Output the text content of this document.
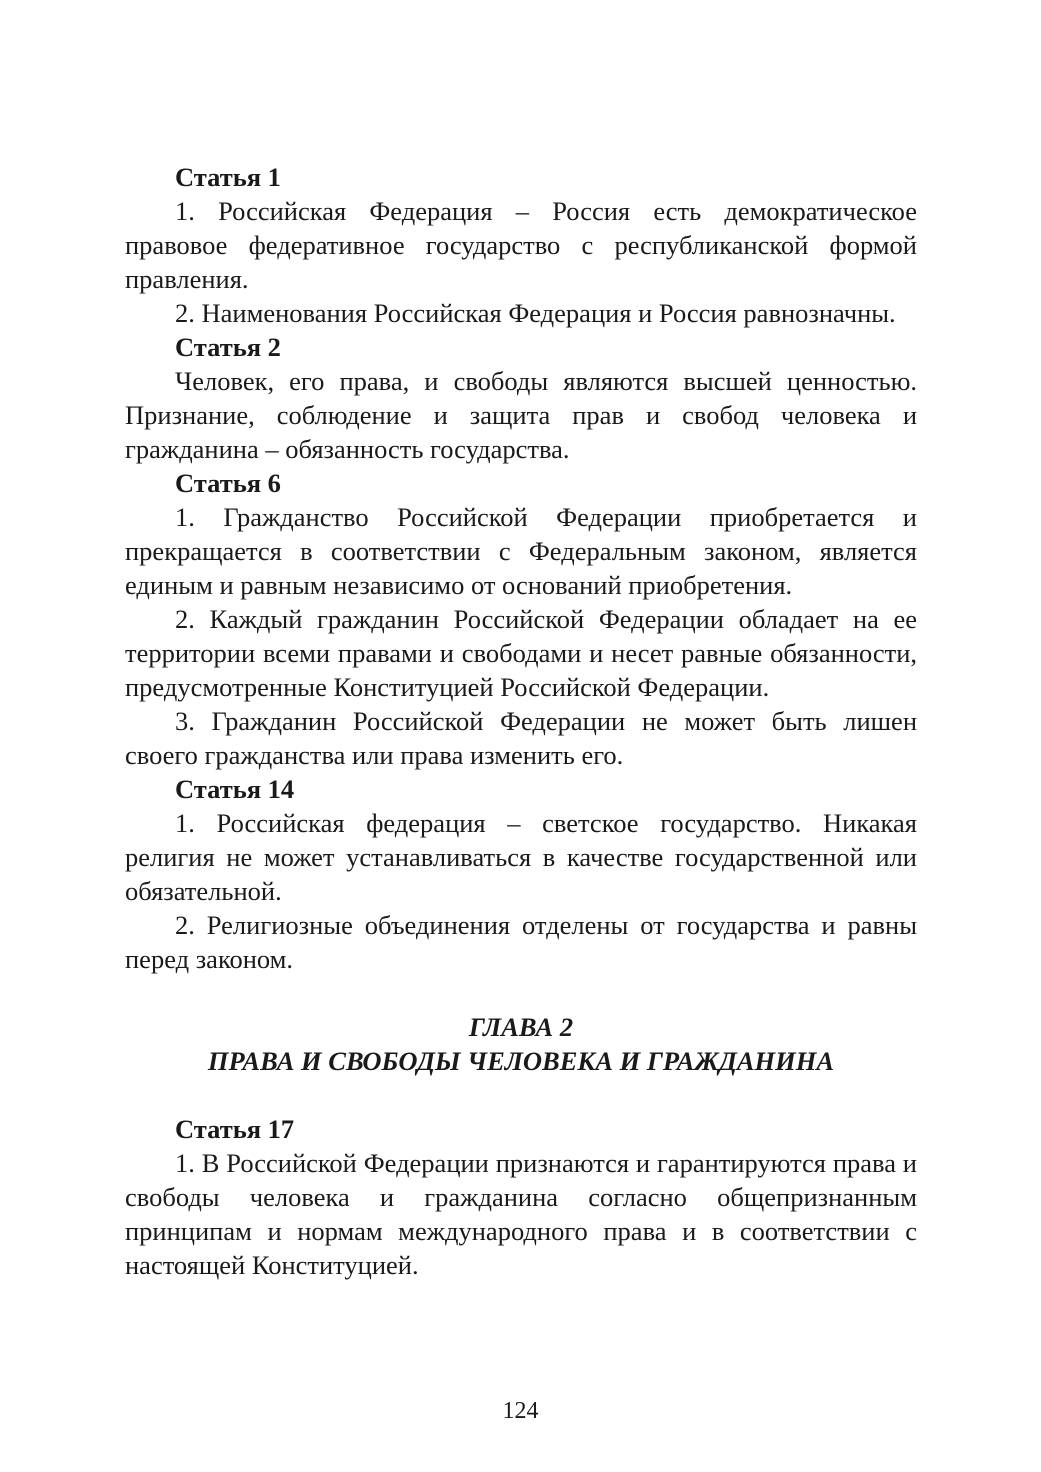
Статья 1

1. Российская Федерация – Россия есть демократическое правовое федеративное государство с республиканской формой правления.

2. Наименования Российская Федерация и Россия равнозначны.

Статья 2

Человек, его права, и свободы являются высшей ценностью. Признание, соблюдение и защита прав и свобод человека и гражданина – обязанность государства.

Статья 6

1. Гражданство Российской Федерации приобретается и прекращается в соответствии с Федеральным законом, является единым и равным независимо от оснований приобретения.

2. Каждый гражданин Российской Федерации обладает на ее территории всеми правами и свободами и несет равные обязанности, предусмотренные Конституцией Российской Федерации.

3. Гражданин Российской Федерации не может быть лишен своего гражданства или права изменить его.

Статья 14

1. Российская федерация – светское государство. Никакая религия не может устанавливаться в качестве государственной или обязательной.

2. Религиозные объединения отделены от государства и равны перед законом.

ГЛАВА 2

ПРАВА И СВОБОДЫ ЧЕЛОВЕКА И ГРАЖДАНИНА

Статья 17

1. В Российской Федерации признаются и гарантируются права и свободы человека и гражданина согласно общепризнанным принципам и нормам международного права и в соответствии с настоящей Конституцией.

124
